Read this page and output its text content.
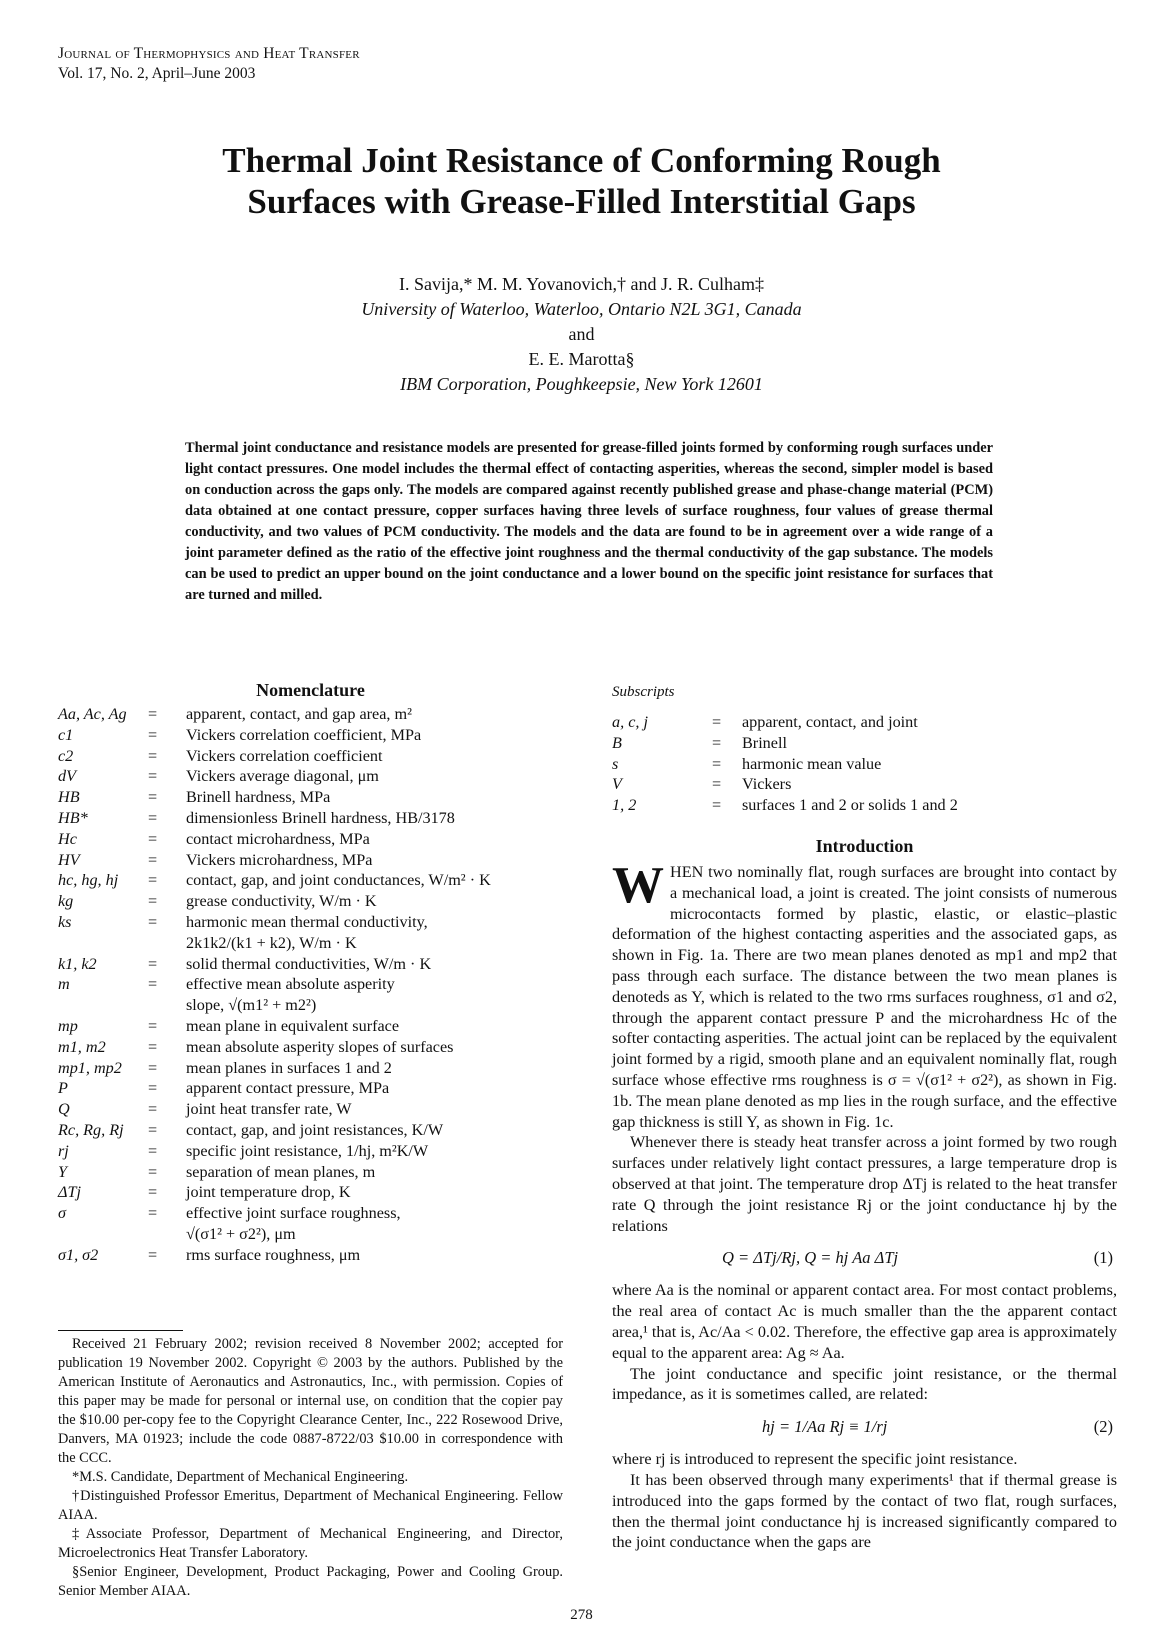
Journal of Thermophysics and Heat Transfer
Vol. 17, No. 2, April–June 2003
Thermal Joint Resistance of Conforming Rough
Surfaces with Grease-Filled Interstitial Gaps
I. Savija,* M. M. Yovanovich,† and J. R. Culham‡
University of Waterloo, Waterloo, Ontario N2L 3G1, Canada
and
E. E. Marotta§
IBM Corporation, Poughkeepsie, New York 12601
Thermal joint conductance and resistance models are presented for grease-filled joints formed by conforming rough surfaces under light contact pressures. One model includes the thermal effect of contacting asperities, whereas the second, simpler model is based on conduction across the gaps only. The models are compared against recently published grease and phase-change material (PCM) data obtained at one contact pressure, copper surfaces having three levels of surface roughness, four values of grease thermal conductivity, and two values of PCM conductivity. The models and the data are found to be in agreement over a wide range of a joint parameter defined as the ratio of the effective joint roughness and the thermal conductivity of the gap substance. The models can be used to predict an upper bound on the joint conductance and a lower bound on the specific joint resistance for surfaces that are turned and milled.
Nomenclature
Aa, Ac, Ag	=	apparent, contact, and gap area, m²
c1	=	Vickers correlation coefficient, MPa
c2	=	Vickers correlation coefficient
dV	=	Vickers average diagonal, μm
HB	=	Brinell hardness, MPa
HB*	=	dimensionless Brinell hardness, HB/3178
Hc	=	contact microhardness, MPa
HV	=	Vickers microhardness, MPa
hc, hg, hj	=	contact, gap, and joint conductances, W/m² · K
kg	=	grease conductivity, W/m · K
ks	=	harmonic mean thermal conductivity,
2k1k2/(k1 + k2), W/m · K
k1, k2	=	solid thermal conductivities, W/m · K
m	=	effective mean absolute asperity
slope, √(m1² + m2²)
mp	=	mean plane in equivalent surface
m1, m2	=	mean absolute asperity slopes of surfaces
mp1, mp2	=	mean planes in surfaces 1 and 2
P	=	apparent contact pressure, MPa
Q	=	joint heat transfer rate, W
Rc, Rg, Rj	=	contact, gap, and joint resistances, K/W
rj	=	specific joint resistance, 1/hj, m²K/W
Y	=	separation of mean planes, m
ΔTj	=	joint temperature drop, K
σ	=	effective joint surface roughness,
√(σ1² + σ2²), μm
σ1, σ2	=	rms surface roughness, μm
Subscripts
a, c, j	=	apparent, contact, and joint
B	=	Brinell
s	=	harmonic mean value
V	=	Vickers
1, 2	=	surfaces 1 and 2 or solids 1 and 2
Introduction

WHEN two nominally flat, rough surfaces are brought into contact by a mechanical load, a joint is created. The joint consists of numerous microcontacts formed by plastic, elastic, or elastic–plastic deformation of the highest contacting asperities and the associated gaps, as shown in Fig. 1a. There are two mean planes denoted as mp1 and mp2 that pass through each surface. The distance between the two mean planes is denoteds as Y, which is related to the two rms surfaces roughness, σ1 and σ2, through the apparent contact pressure P and the microhardness Hc of the softer contacting asperities. The actual joint can be replaced by the equivalent joint formed by a rigid, smooth plane and an equivalent nominally flat, rough surface whose effective rms roughness is σ = √(σ1² + σ2²), as shown in Fig. 1b. The mean plane denoted as mp lies in the rough surface, and the effective gap thickness is still Y, as shown in Fig. 1c.

Whenever there is steady heat transfer across a joint formed by two rough surfaces under relatively light contact pressures, a large temperature drop is observed at that joint. The temperature drop ΔTj is related to the heat transfer rate Q through the joint resistance Rj or the joint conductance hj by the relations

Q = ΔTj/Rj, Q = hj Aa ΔTj	(1)

where Aa is the nominal or apparent contact area. For most contact problems, the real area of contact Ac is much smaller than the the apparent contact area,¹ that is, Ac/Aa < 0.02. Therefore, the effective gap area is approximately equal to the apparent area: Ag ≈ Aa.

The joint conductance and specific joint resistance, or the thermal impedance, as it is sometimes called, are related:

hj = 1/Aa Rj ≡ 1/rj	(2)

where rj is introduced to represent the specific joint resistance.

It has been observed through many experiments¹ that if thermal grease is introduced into the gaps formed by the contact of two flat, rough surfaces, then the thermal joint conductance hj is increased significantly compared to the joint conductance when the gaps are

Received 21 February 2002; revision received 8 November 2002; accepted for publication 19 November 2002. Copyright © 2003 by the authors. Published by the American Institute of Aeronautics and Astronautics, Inc., with permission. Copies of this paper may be made for personal or internal use, on condition that the copier pay the $10.00 per-copy fee to the Copyright Clearance Center, Inc., 222 Rosewood Drive, Danvers, MA 01923; include the code 0887-8722/03 $10.00 in correspondence with the CCC.

*M.S. Candidate, Department of Mechanical Engineering.

†Distinguished Professor Emeritus, Department of Mechanical Engineering. Fellow AIAA.

‡Associate Professor, Department of Mechanical Engineering, and Director, Microelectronics Heat Transfer Laboratory.

§Senior Engineer, Development, Product Packaging, Power and Cooling Group. Senior Member AIAA.

278
